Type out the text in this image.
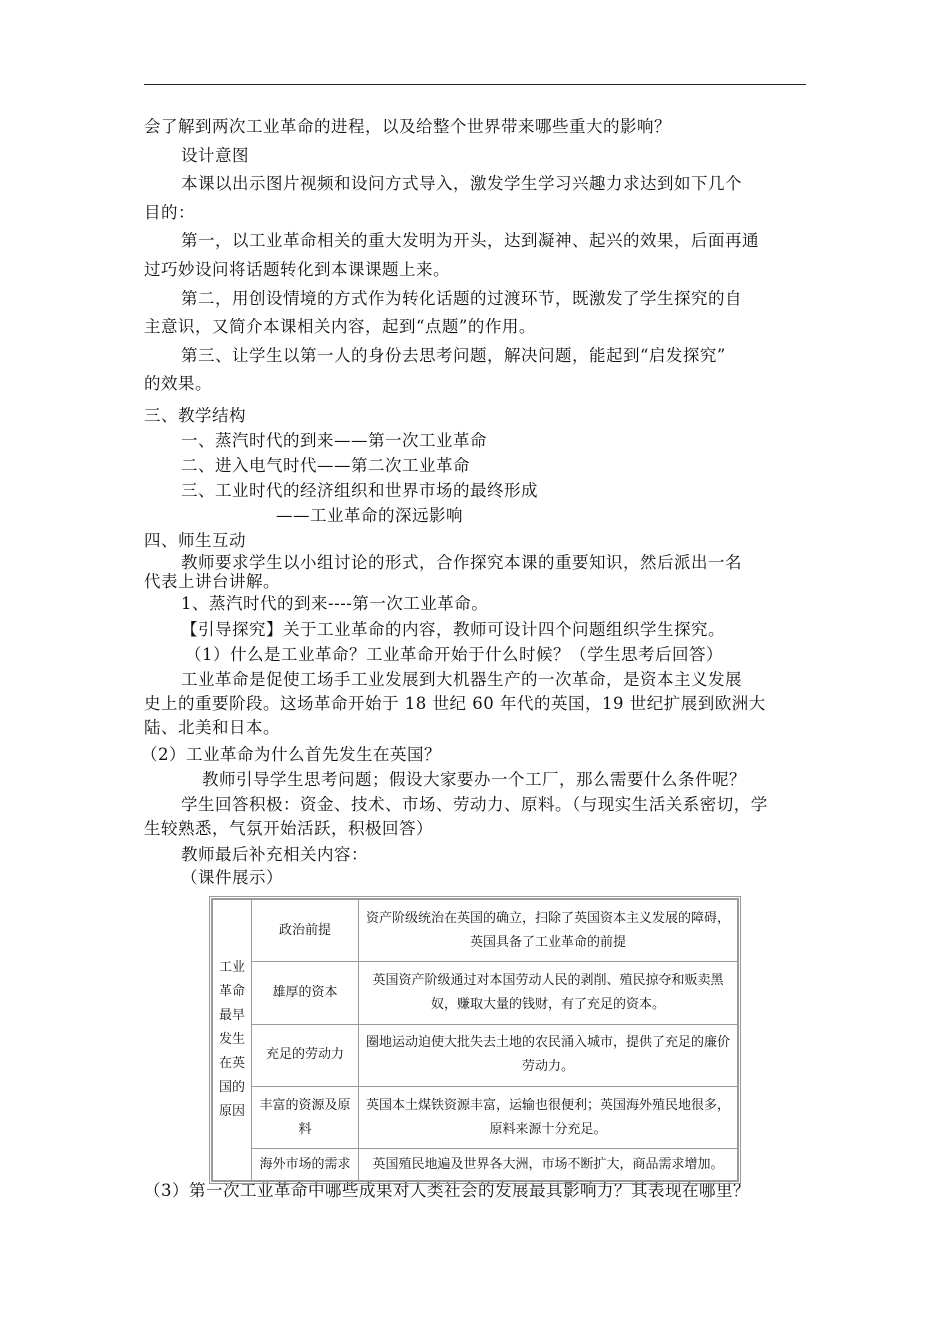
会了解到两次工业革命的进程，以及给整个世界带来哪些重大的影响？
设计意图
本课以出示图片视频和设问方式导入，激发学生学习兴趣力求达到如下几个
目的：
第一，以工业革命相关的重大发明为开头，达到凝神、起兴的效果，后面再通
过巧妙设问将话题转化到本课课题上来。
第二，用创设情境的方式作为转化话题的过渡环节，既激发了学生探究的自
主意识，又简介本课相关内容，起到“点题”的作用。
第三、让学生以第一人的身份去思考问题，解决问题，能起到“启发探究”
的效果。
三、教学结构
一、蒸汽时代的到来——第一次工业革命
二、进入电气时代——第二次工业革命
三、工业时代的经济组织和世界市场的最终形成
——工业革命的深远影响
四、师生互动
教师要求学生以小组讨论的形式，合作探究本课的重要知识，然后派出一名
代表上讲台讲解。
1、蒸汽时代的到来----第一次工业革命。
【引导探究】关于工业革命的内容，教师可设计四个问题组织学生探究。
（1）什么是工业革命？工业革命开始于什么时候？（学生思考后回答）
工业革命是促使工场手工业发展到大机器生产的一次革命，是资本主义发展
史上的重要阶段。这场革命开始于 18 世纪 60 年代的英国，19 世纪扩展到欧洲大
陆、北美和日本。
（2）工业革命为什么首先发生在英国？
教师引导学生思考问题；假设大家要办一个工厂，那么需要什么条件呢？
学生回答积极：资金、技术、市场、劳动力、原料。（与现实生活关系密切，学
生较熟悉，气氛开始活跃，积极回答）
教师最后补充相关内容：
（课件展示）
（3）第一次工业革命中哪些成果对人类社会的发展最具影响力？其表现在哪里？
工业革命最早发生在英国的原因	政治前提	资产阶级统治在英国的确立，扫除了英国资本主义发展的障碍，英国具备了工业革命的前提
	雄厚的资本	英国资产阶级通过对本国劳动人民的剥削、殖民掠夺和贩卖黑奴，赚取大量的钱财，有了充足的资本。
	充足的劳动力	圈地运动迫使大批失去土地的农民涌入城市，提供了充足的廉价劳动力。
	丰富的资源及原料	英国本土煤铁资源丰富，运输也很便利；英国海外殖民地很多，原料来源十分充足。
	海外市场的需求	英国殖民地遍及世界各大洲，市场不断扩大，商品需求增加。
